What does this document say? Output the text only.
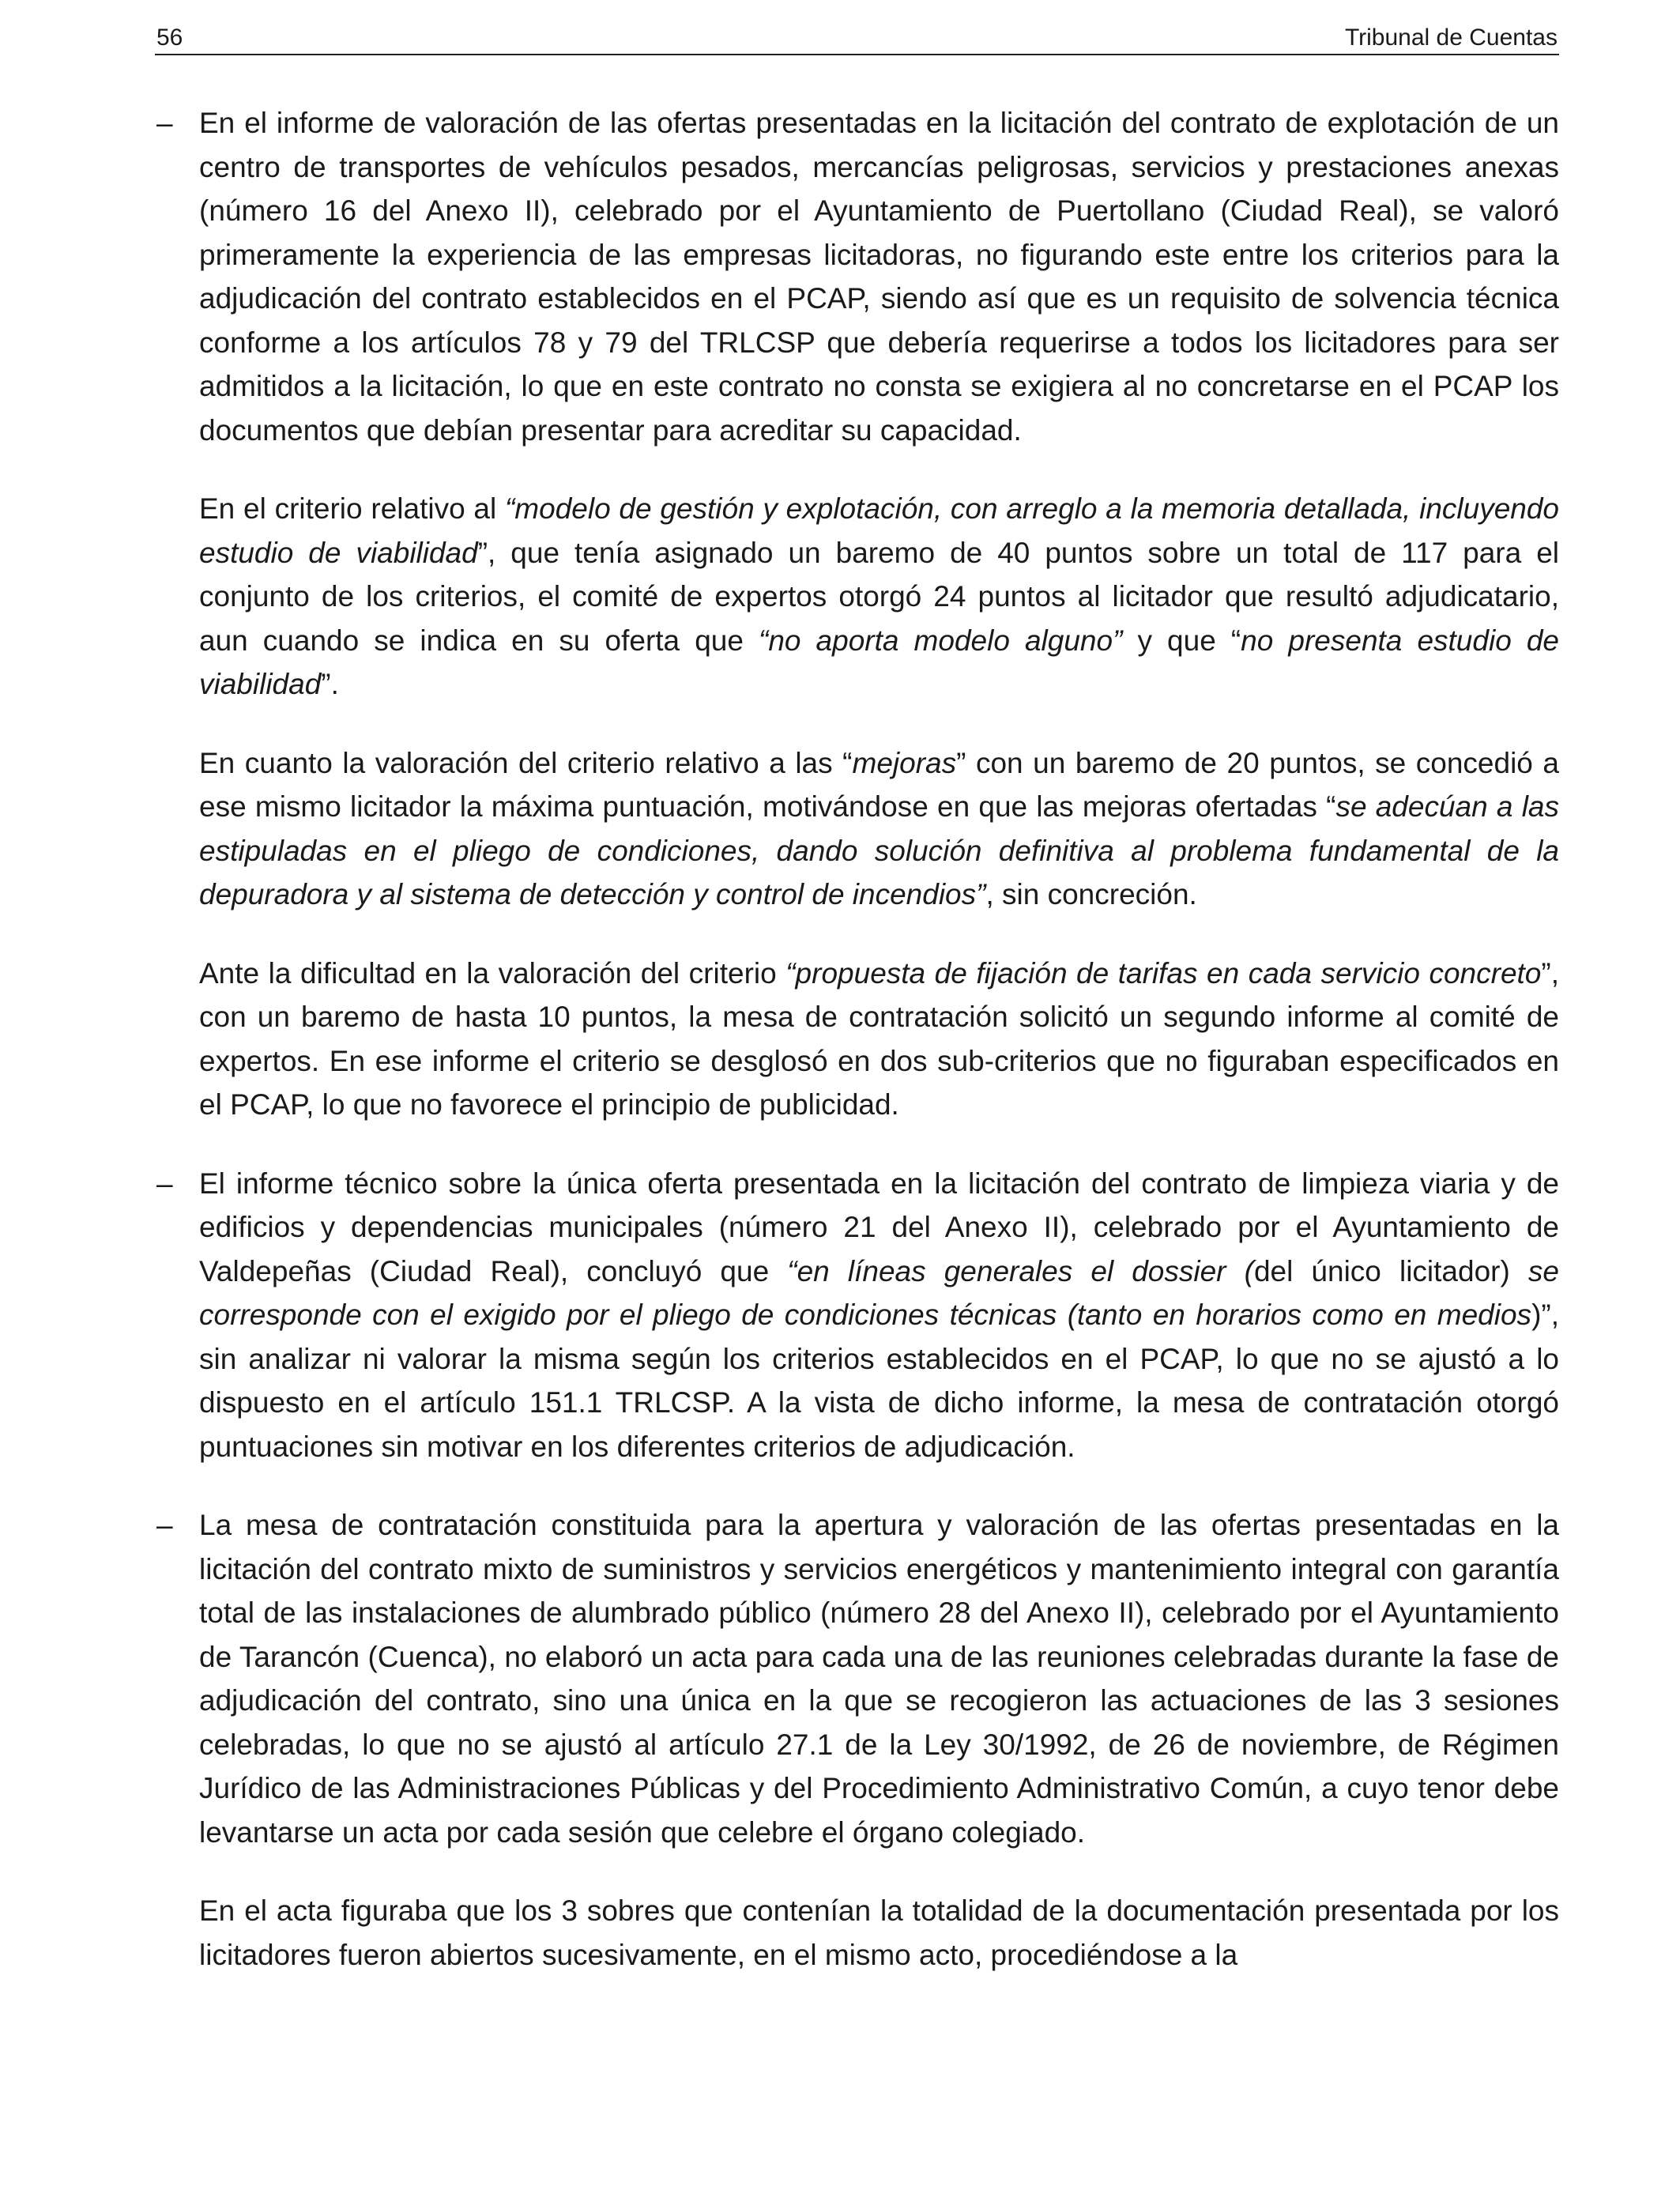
56	Tribunal de Cuentas
– En el informe de valoración de las ofertas presentadas en la licitación del contrato de explotación de un centro de transportes de vehículos pesados, mercancías peligrosas, servicios y prestaciones anexas (número 16 del Anexo II), celebrado por el Ayuntamiento de Puertollano (Ciudad Real), se valoró primeramente la experiencia de las empresas licitadoras, no figurando este entre los criterios para la adjudicación del contrato establecidos en el PCAP, siendo así que es un requisito de solvencia técnica conforme a los artículos 78 y 79 del TRLCSP que debería requerirse a todos los licitadores para ser admitidos a la licitación, lo que en este contrato no consta se exigiera al no concretarse en el PCAP los documentos que debían presentar para acreditar su capacidad.

En el criterio relativo al “modelo de gestión y explotación, con arreglo a la memoria detallada, incluyendo estudio de viabilidad”, que tenía asignado un baremo de 40 puntos sobre un total de 117 para el conjunto de los criterios, el comité de expertos otorgó 24 puntos al licitador que resultó adjudicatario, aun cuando se indica en su oferta que “no aporta modelo alguno” y que “no presenta estudio de viabilidad”.

En cuanto la valoración del criterio relativo a las “mejoras” con un baremo de 20 puntos, se concedió a ese mismo licitador la máxima puntuación, motivándose en que las mejoras ofertadas “se adecúan a las estipuladas en el pliego de condiciones, dando solución definitiva al problema fundamental de la depuradora y al sistema de detección y control de incendios”, sin concreción.

Ante la dificultad en la valoración del criterio “propuesta de fijación de tarifas en cada servicio concreto”, con un baremo de hasta 10 puntos, la mesa de contratación solicitó un segundo informe al comité de expertos. En ese informe el criterio se desglosó en dos sub-criterios que no figuraban especificados en el PCAP, lo que no favorece el principio de publicidad.

– El informe técnico sobre la única oferta presentada en la licitación del contrato de limpieza viaria y de edificios y dependencias municipales (número 21 del Anexo II), celebrado por el Ayuntamiento de Valdepeñas (Ciudad Real), concluyó que “en líneas generales el dossier (del único licitador) se corresponde con el exigido por el pliego de condiciones técnicas (tanto en horarios como en medios)”, sin analizar ni valorar la misma según los criterios establecidos en el PCAP, lo que no se ajustó a lo dispuesto en el artículo 151.1 TRLCSP. A la vista de dicho informe, la mesa de contratación otorgó puntuaciones sin motivar en los diferentes criterios de adjudicación.

– La mesa de contratación constituida para la apertura y valoración de las ofertas presentadas en la licitación del contrato mixto de suministros y servicios energéticos y mantenimiento integral con garantía total de las instalaciones de alumbrado público (número 28 del Anexo II), celebrado por el Ayuntamiento de Tarancón (Cuenca), no elaboró un acta para cada una de las reuniones celebradas durante la fase de adjudicación del contrato, sino una única en la que se recogieron las actuaciones de las 3 sesiones celebradas, lo que no se ajustó al artículo 27.1 de la Ley 30/1992, de 26 de noviembre, de Régimen Jurídico de las Administraciones Públicas y del Procedimiento Administrativo Común, a cuyo tenor debe levantarse un acta por cada sesión que celebre el órgano colegiado.

En el acta figuraba que los 3 sobres que contenían la totalidad de la documentación presentada por los licitadores fueron abiertos sucesivamente, en el mismo acto, procediéndose a la
